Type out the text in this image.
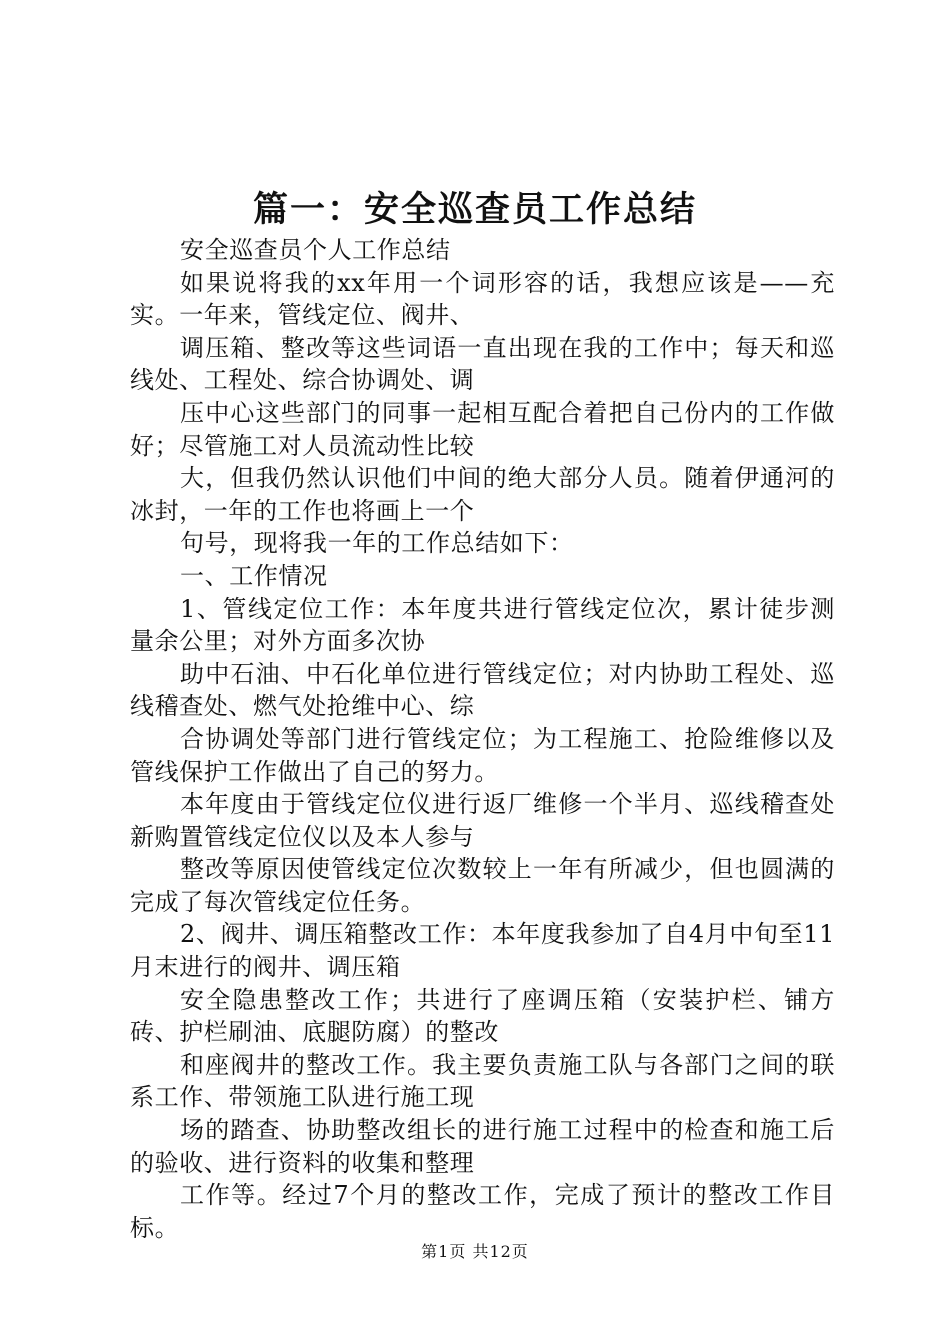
篇一：安全巡查员工作总结

安全巡查员个人工作总结

如果说将我的xx年用一个词形容的话，我想应该是——充实。一年来，管线定位、阀井、

调压箱、整改等这些词语一直出现在我的工作中；每天和巡线处、工程处、综合协调处、调

压中心这些部门的同事一起相互配合着把自己份内的工作做好；尽管施工对人员流动性比较

大，但我仍然认识他们中间的绝大部分人员。随着伊通河的冰封，一年的工作也将画上一个

句号，现将我一年的工作总结如下：

一、工作情况

1、管线定位工作：本年度共进行管线定位次，累计徒步测量余公里；对外方面多次协

助中石油、中石化单位进行管线定位；对内协助工程处、巡线稽查处、燃气处抢维中心、综

合协调处等部门进行管线定位；为工程施工、抢险维修以及管线保护工作做出了自己的努力。

本年度由于管线定位仪进行返厂维修一个半月、巡线稽查处新购置管线定位仪以及本人参与

整改等原因使管线定位次数较上一年有所减少，但也圆满的完成了每次管线定位任务。

2、阀井、调压箱整改工作：本年度我参加了自4月中旬至11月末进行的阀井、调压箱

安全隐患整改工作；共进行了座调压箱（安装护栏、铺方砖、护栏刷油、底腿防腐）的整改

和座阀井的整改工作。我主要负责施工队与各部门之间的联系工作、带领施工队进行施工现

场的踏查、协助整改组长的进行施工过程中的检查和施工后的验收、进行资料的收集和整理

工作等。经过7个月的整改工作，完成了预计的整改工作目标。

第1页 共12页
